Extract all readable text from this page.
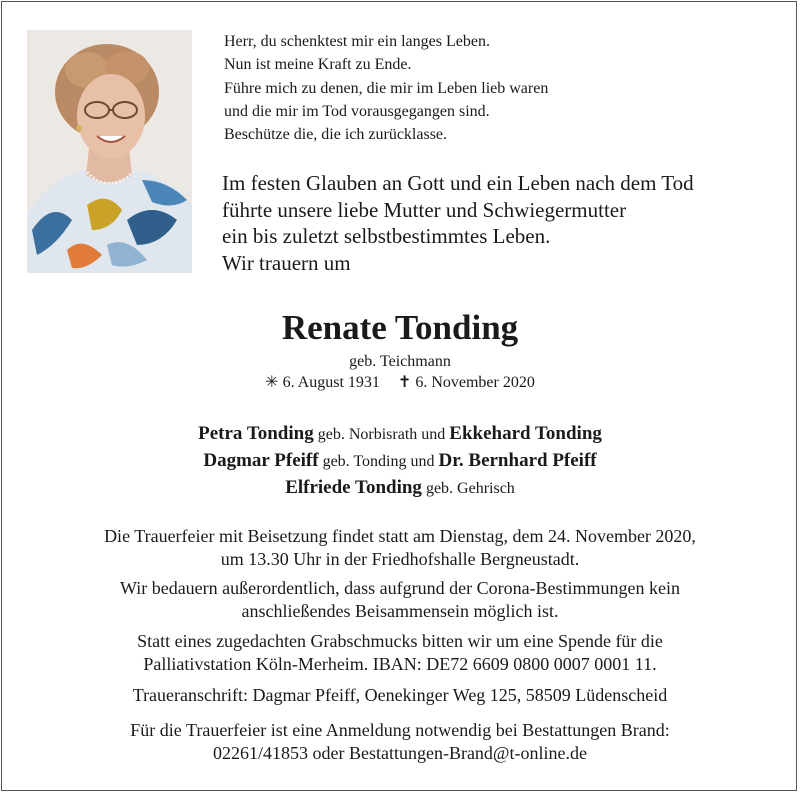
Herr, du schenktest mir ein langes Leben.
Nun ist meine Kraft zu Ende.
Führe mich zu denen, die mir im Leben lieb waren
und die mir im Tod vorausgegangen sind.
Beschütze die, die ich zurücklasse.
Im festen Glauben an Gott und ein Leben nach dem Tod
führte unsere liebe Mutter und Schwiegermutter
ein bis zuletzt selbstbestimmtes Leben.
Wir trauern um
Renate Tonding
geb. Teichmann
✳ 6. August 1931 ✝ 6. November 2020
Petra Tonding geb. Norbisrath und Ekkehard Tonding
Dagmar Pfeiff geb. Tonding und Dr. Bernhard Pfeiff
Elfriede Tonding geb. Gehrisch
Die Trauerfeier mit Beisetzung findet statt am Dienstag, dem 24. November 2020,
um 13.30 Uhr in der Friedhofshalle Bergneustadt.
Wir bedauern außerordentlich, dass aufgrund der Corona-Bestimmungen kein
anschließendes Beisammensein möglich ist.
Statt eines zugedachten Grabschmucks bitten wir um eine Spende für die
Palliativstation Köln-Merheim. IBAN: DE72 6609 0800 0007 0001 11.
Traueranschrift: Dagmar Pfeiff, Oenekinger Weg 125, 58509 Lüdenscheid
Für die Trauerfeier ist eine Anmeldung notwendig bei Bestattungen Brand:
02261/41853 oder Bestattungen-Brand@t-online.de
